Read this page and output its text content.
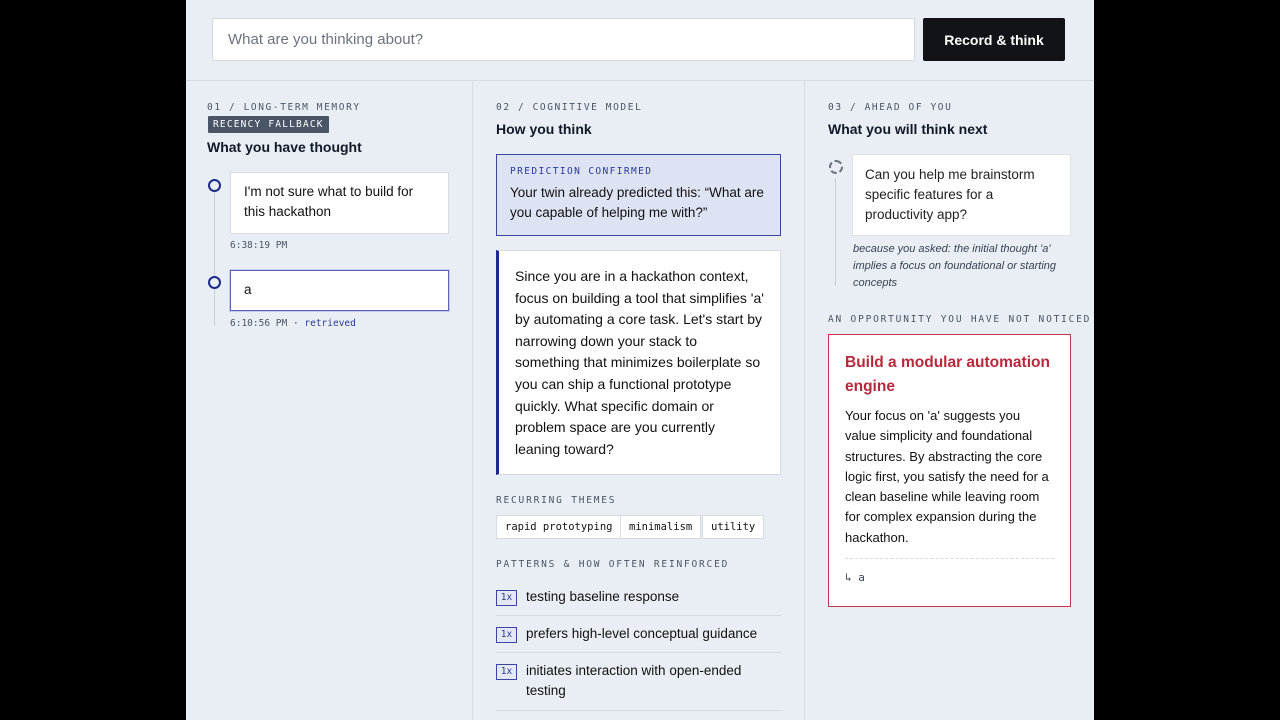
What are you thinking about?
Record & think
01 / LONG-TERM MEMORY
RECENCY FALLBACK
What you have thought
I'm not sure what to build for this hackathon
6:38:19 PM
a
6:10:56 PM · retrieved
02 / COGNITIVE MODEL
How you think
PREDICTION CONFIRMED
Your twin already predicted this: “What are you capable of helping me with?”
Since you are in a hackathon context, focus on building a tool that simplifies 'a' by automating a core task. Let's start by narrowing down your stack to something that minimizes boilerplate so you can ship a functional prototype quickly. What specific domain or problem space are you currently leaning toward?
RECURRING THEMES
rapid prototyping	minimalism	utility
PATTERNS & HOW OFTEN REINFORCED
1x	testing baseline response
1x	prefers high-level conceptual guidance
1x	initiates interaction with open-ended testing
03 / AHEAD OF YOU
What you will think next
Can you help me brainstorm specific features for a productivity app?
because you asked: the initial thought 'a' implies a focus on foundational or starting concepts
AN OPPORTUNITY YOU HAVE NOT NOTICED
Build a modular automation engine
Your focus on 'a' suggests you value simplicity and foundational structures. By abstracting the core logic first, you satisfy the need for a clean baseline while leaving room for complex expansion during the hackathon.
↳ a
